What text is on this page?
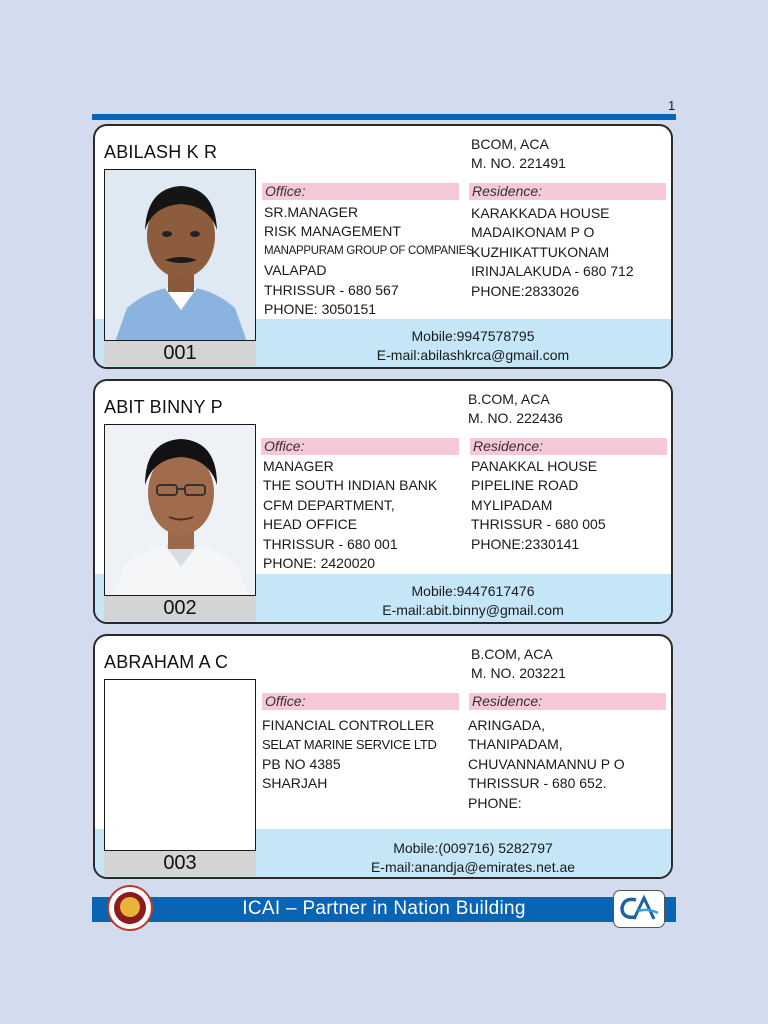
1
ABILASH K R	BCOM, ACA
M. NO. 221491
Office:	Residence:
SR.MANAGER
RISK MANAGEMENT
MANAPPURAM GROUP OF COMPANIES
VALAPAD
THRISSUR - 680 567
PHONE: 3050151
KARAKKADA HOUSE
MADAIKONAM P O
KUZHIKATTUKONAM
IRINJALAKUDA - 680 712
PHONE:2833026
Mobile:9947578795
E-mail:abilashkrca@gmail.com
001
ABIT BINNY P	B.COM, ACA
M. NO. 222436
Office:	Residence:
MANAGER
THE SOUTH INDIAN BANK
CFM DEPARTMENT,
HEAD OFFICE
THRISSUR - 680 001
PHONE: 2420020
PANAKKAL HOUSE
PIPELINE ROAD
MYLIPADAM
THRISSUR - 680 005
PHONE:2330141
Mobile:9447617476
E-mail:abit.binny@gmail.com
002
ABRAHAM A C	B.COM, ACA
M. NO. 203221
Office:	Residence:
FINANCIAL CONTROLLER
SELAT MARINE SERVICE LTD
PB NO 4385
SHARJAH
ARINGADA,
THANIPADAM,
CHUVANNAMANNU P O
THRISSUR - 680 652.
PHONE:
Mobile:(009716) 5282797
E-mail:anandja@emirates.net.ae
003
ICAI – Partner in Nation Building
